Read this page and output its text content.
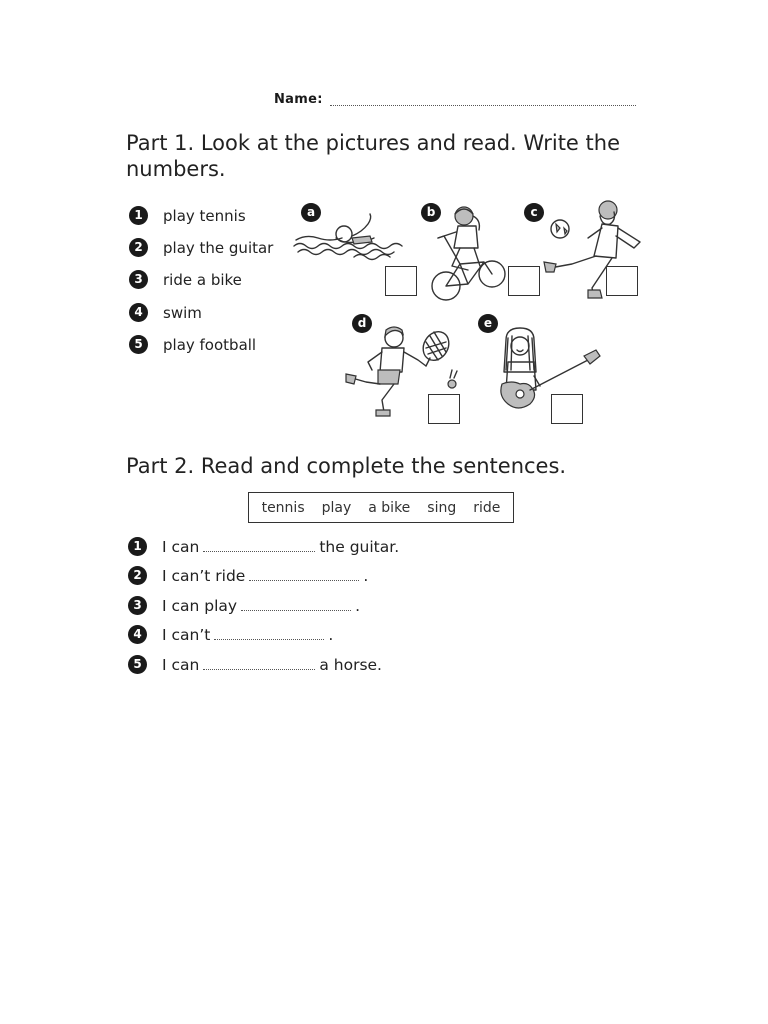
Name:
Part 1. Look at the pictures and read. Write the
numbers.
1	play tennis
2	play the guitar
3	ride a bike
4	swim
5	play football
a	b	c
d	e
Part 2. Read and complete the sentences.
tennis play a bike sing ride
1	I can	the guitar.
2	I can’t ride	.
3	I can play	.
4	I can’t	.
5	I can	a horse.
